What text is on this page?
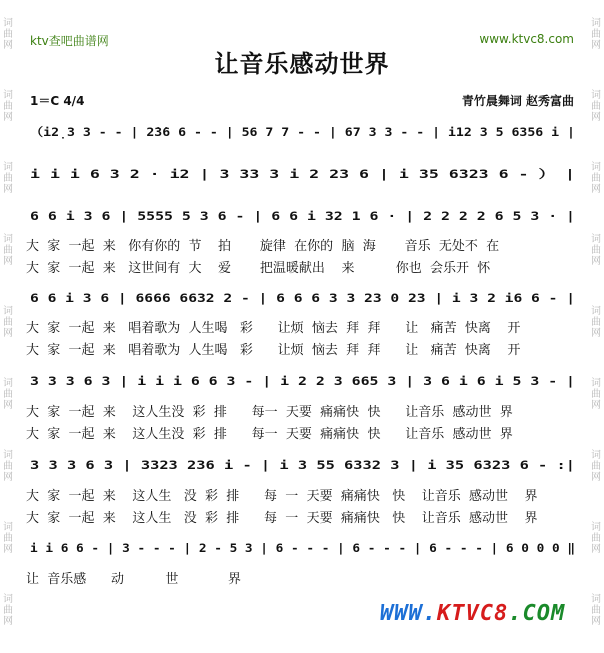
词
曲
网
词
曲
网
词
曲
网
词
曲
网
词
曲
网
词
曲
网
词
曲
网
词
曲
网
词
曲
网
词
曲
网
词
曲
网
词
曲
网
词
曲
网
词
曲
网
词
曲
网
词
曲
网
词
曲
网
词
曲
网
ktv查吧曲谱网	www.ktvc8.com
让音乐感动世界
1＝C 4/4	青竹晨舞词 赵秀富曲
（i2̣3 3 - - | 2̇3̇6 6 - - | 56 7 7 - - | 67 3 3 - - | i12 3 5 6356 i |
i i i 6 3 2 · i2 | 3 33 3 i 2 23 6 | i 35 6323 6 - ） |
6 6 i 3 6 | 5555 5 3 6 - | 6 6 i 32 1 6 · | 2 2 2 2 6 5 3 · |
6 6 i 3 6 | 6666 6632 2 - | 6 6 6 3 3 23 0 23 | i 3 2 i6 6 - |
3 3 3 6 3 | i i i 6 6 3 - | i 2 2 3 665 3 | 3 6 i 6 i 5 3 - |
3 3 3 6 3 | 3323 236 i - | i 3 55 6332 3 | i 35 6323 6 - :|
i i 6 6 - | 3 - - - | 2 - 5 3 | 6 - - - | 6 - - - | 6 - - - | 6 0 0 0 ‖
大  家  一起  来   你有你的  节    拍       旋律  在你的  脑  海       音乐  无处不  在
大  家  一起  来   这世间有  大    爱       把温暖献出    来          你也  会乐开  怀
大  家  一起  来   唱着歌为  人生喝   彩      让烦  恼去  拜  拜      让   痛苦  快离    开
大  家  一起  来   唱着歌为  人生喝   彩      让烦  恼去  拜  拜      让   痛苦  快离    开
大  家  一起  来    这人生没  彩  排      每一  天要  痛痛快  快      让音乐  感动世  界
大  家  一起  来    这人生没  彩  排      每一  天要  痛痛快  快      让音乐  感动世  界
大  家  一起  来    这人生   没  彩  排      每  一  天要  痛痛快   快    让音乐  感动世    界
大  家  一起  来    这人生   没  彩  排      每  一  天要  痛痛快   快    让音乐  感动世    界
让  音乐感      动          世            界
WWW.KTVC8.COM
